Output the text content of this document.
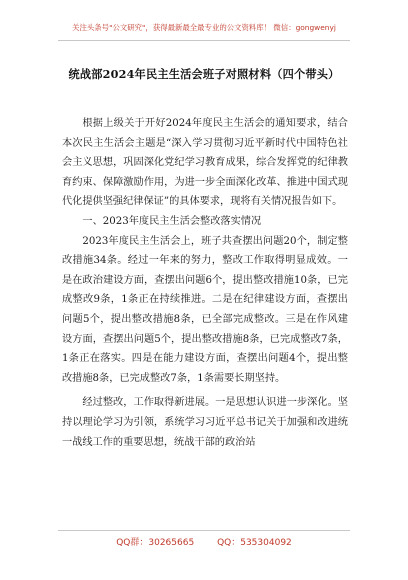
关注头条号"公文研究"，获得最新最全最专业的公文资料库！ 微信：gongwenyj
统战部2024年民主生活会班子对照材料（四个带头）

根据上级关于开好2024年度民主生活会的通知要求，结合本次民主生活会主题是“深入学习贯彻习近平新时代中国特色社会主义思想，巩固深化党纪学习教育成果，综合发挥党的纪律教育约束、保障激励作用，为进一步全面深化改革、推进中国式现代化提供坚强纪律保证”的具体要求，现将有关情况报告如下。

一、2023年度民主生活会整改落实情况

2023年度民主生活会上，班子共查摆出问题20个，制定整改措施34条。经过一年来的努力，整改工作取得明显成效。一是在政治建设方面，查摆出问题6个，提出整改措施10条，已完成整改9条，1条正在持续推进。二是在纪律建设方面，查摆出问题5个，提出整改措施8条，已全部完成整改。三是在作风建设方面，查摆出问题5个，提出整改措施8条，已完成整改7条，1条正在落实。四是在能力建设方面，查摆出问题4个，提出整改措施8条，已完成整改7条，1条需要长期坚持。

经过整改，工作取得新进展。一是思想认识进一步深化。坚持以理论学习为引领，系统学习习近平总书记关于加强和改进统一战线工作的重要思想，统战干部的政治站

QQ群：30265665        QQ：535304092
